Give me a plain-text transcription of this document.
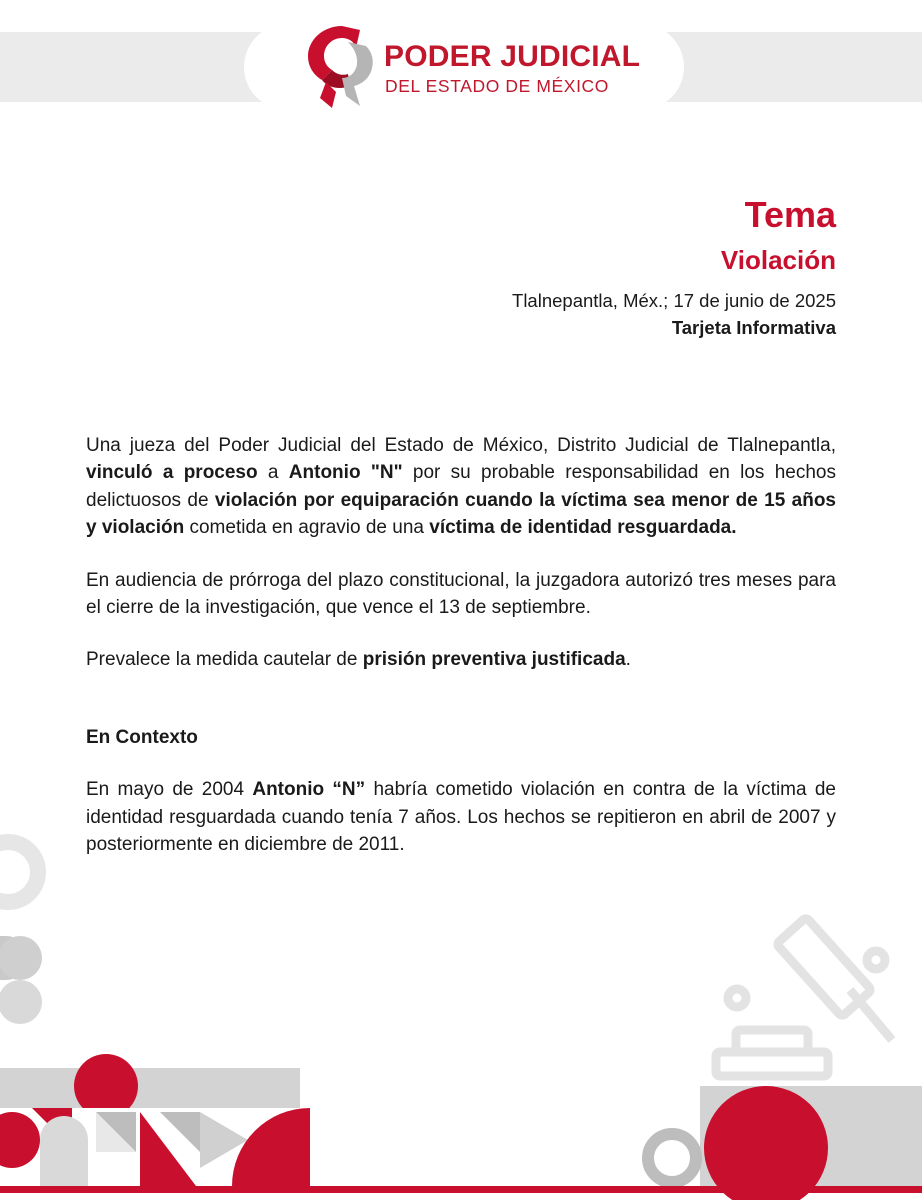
PODER JUDICIAL
DEL ESTADO DE MÉXICO
Tema
Violación
Tlalnepantla, Méx.; 17 de junio de 2025
Tarjeta Informativa

Una jueza del Poder Judicial del Estado de México, Distrito Judicial de Tlalnepantla, vinculó a proceso a Antonio "N" por su probable responsabilidad en los hechos delictuosos de violación por equiparación cuando la víctima sea menor de 15 años y violación cometida en agravio de una víctima de identidad resguardada.

En audiencia de prórroga del plazo constitucional, la juzgadora autorizó tres meses para el cierre de la investigación, que vence el 13 de septiembre.

Prevalece la medida cautelar de prisión preventiva justificada.

En Contexto

En mayo de 2004 Antonio “N” habría cometido violación en contra de la víctima de identidad resguardada cuando tenía 7 años. Los hechos se repitieron en abril de 2007 y posteriormente en diciembre de 2011.
